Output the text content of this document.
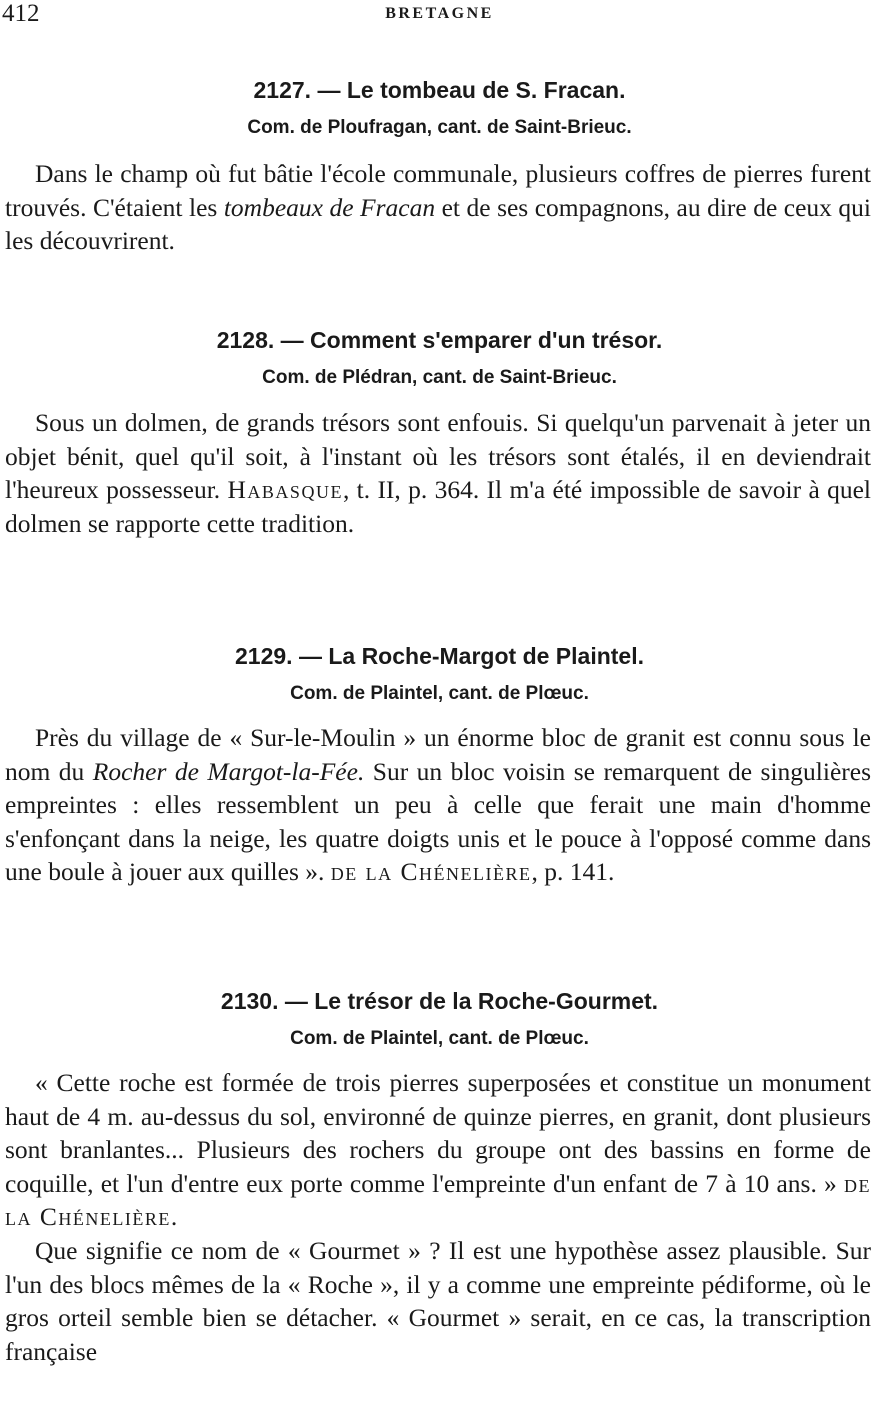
412	BRETAGNE
2127. — Le tombeau de S. Fracan.
Com. de Ploufragan, cant. de Saint-Brieuc.

Dans le champ où fut bâtie l'école communale, plusieurs coffres de pierres furent trouvés. C'étaient les tombeaux de Fracan et de ses compagnons, au dire de ceux qui les découvrirent.

2128. — Comment s'emparer d'un trésor.
Com. de Plédran, cant. de Saint-Brieuc.

Sous un dolmen, de grands trésors sont enfouis. Si quelqu'un parvenait à jeter un objet bénit, quel qu'il soit, à l'instant où les trésors sont étalés, il en deviendrait l'heureux possesseur. Habasque, t. II, p. 364. Il m'a été impossible de savoir à quel dolmen se rapporte cette tradition.

2129. — La Roche-Margot de Plaintel.
Com. de Plaintel, cant. de Plœuc.

Près du village de « Sur-le-Moulin » un énorme bloc de granit est connu sous le nom du Rocher de Margot-la-Fée. Sur un bloc voisin se remarquent de singulières empreintes : elles ressemblent un peu à celle que ferait une main d'homme s'enfonçant dans la neige, les quatre doigts unis et le pouce à l'opposé comme dans une boule à jouer aux quilles ». de la Chénelière, p. 141.

2130. — Le trésor de la Roche-Gourmet.
Com. de Plaintel, cant. de Plœuc.

« Cette roche est formée de trois pierres superposées et constitue un monument haut de 4 m. au-dessus du sol, environné de quinze pierres, en granit, dont plusieurs sont branlantes... Plusieurs des rochers du groupe ont des bassins en forme de coquille, et l'un d'entre eux porte comme l'empreinte d'un enfant de 7 à 10 ans. » de la Chénelière.

Que signifie ce nom de « Gourmet » ? Il est une hypothèse assez plausible. Sur l'un des blocs mêmes de la « Roche », il y a comme une empreinte pédiforme, où le gros orteil semble bien se détacher. « Gourmet » serait, en ce cas, la transcription française
